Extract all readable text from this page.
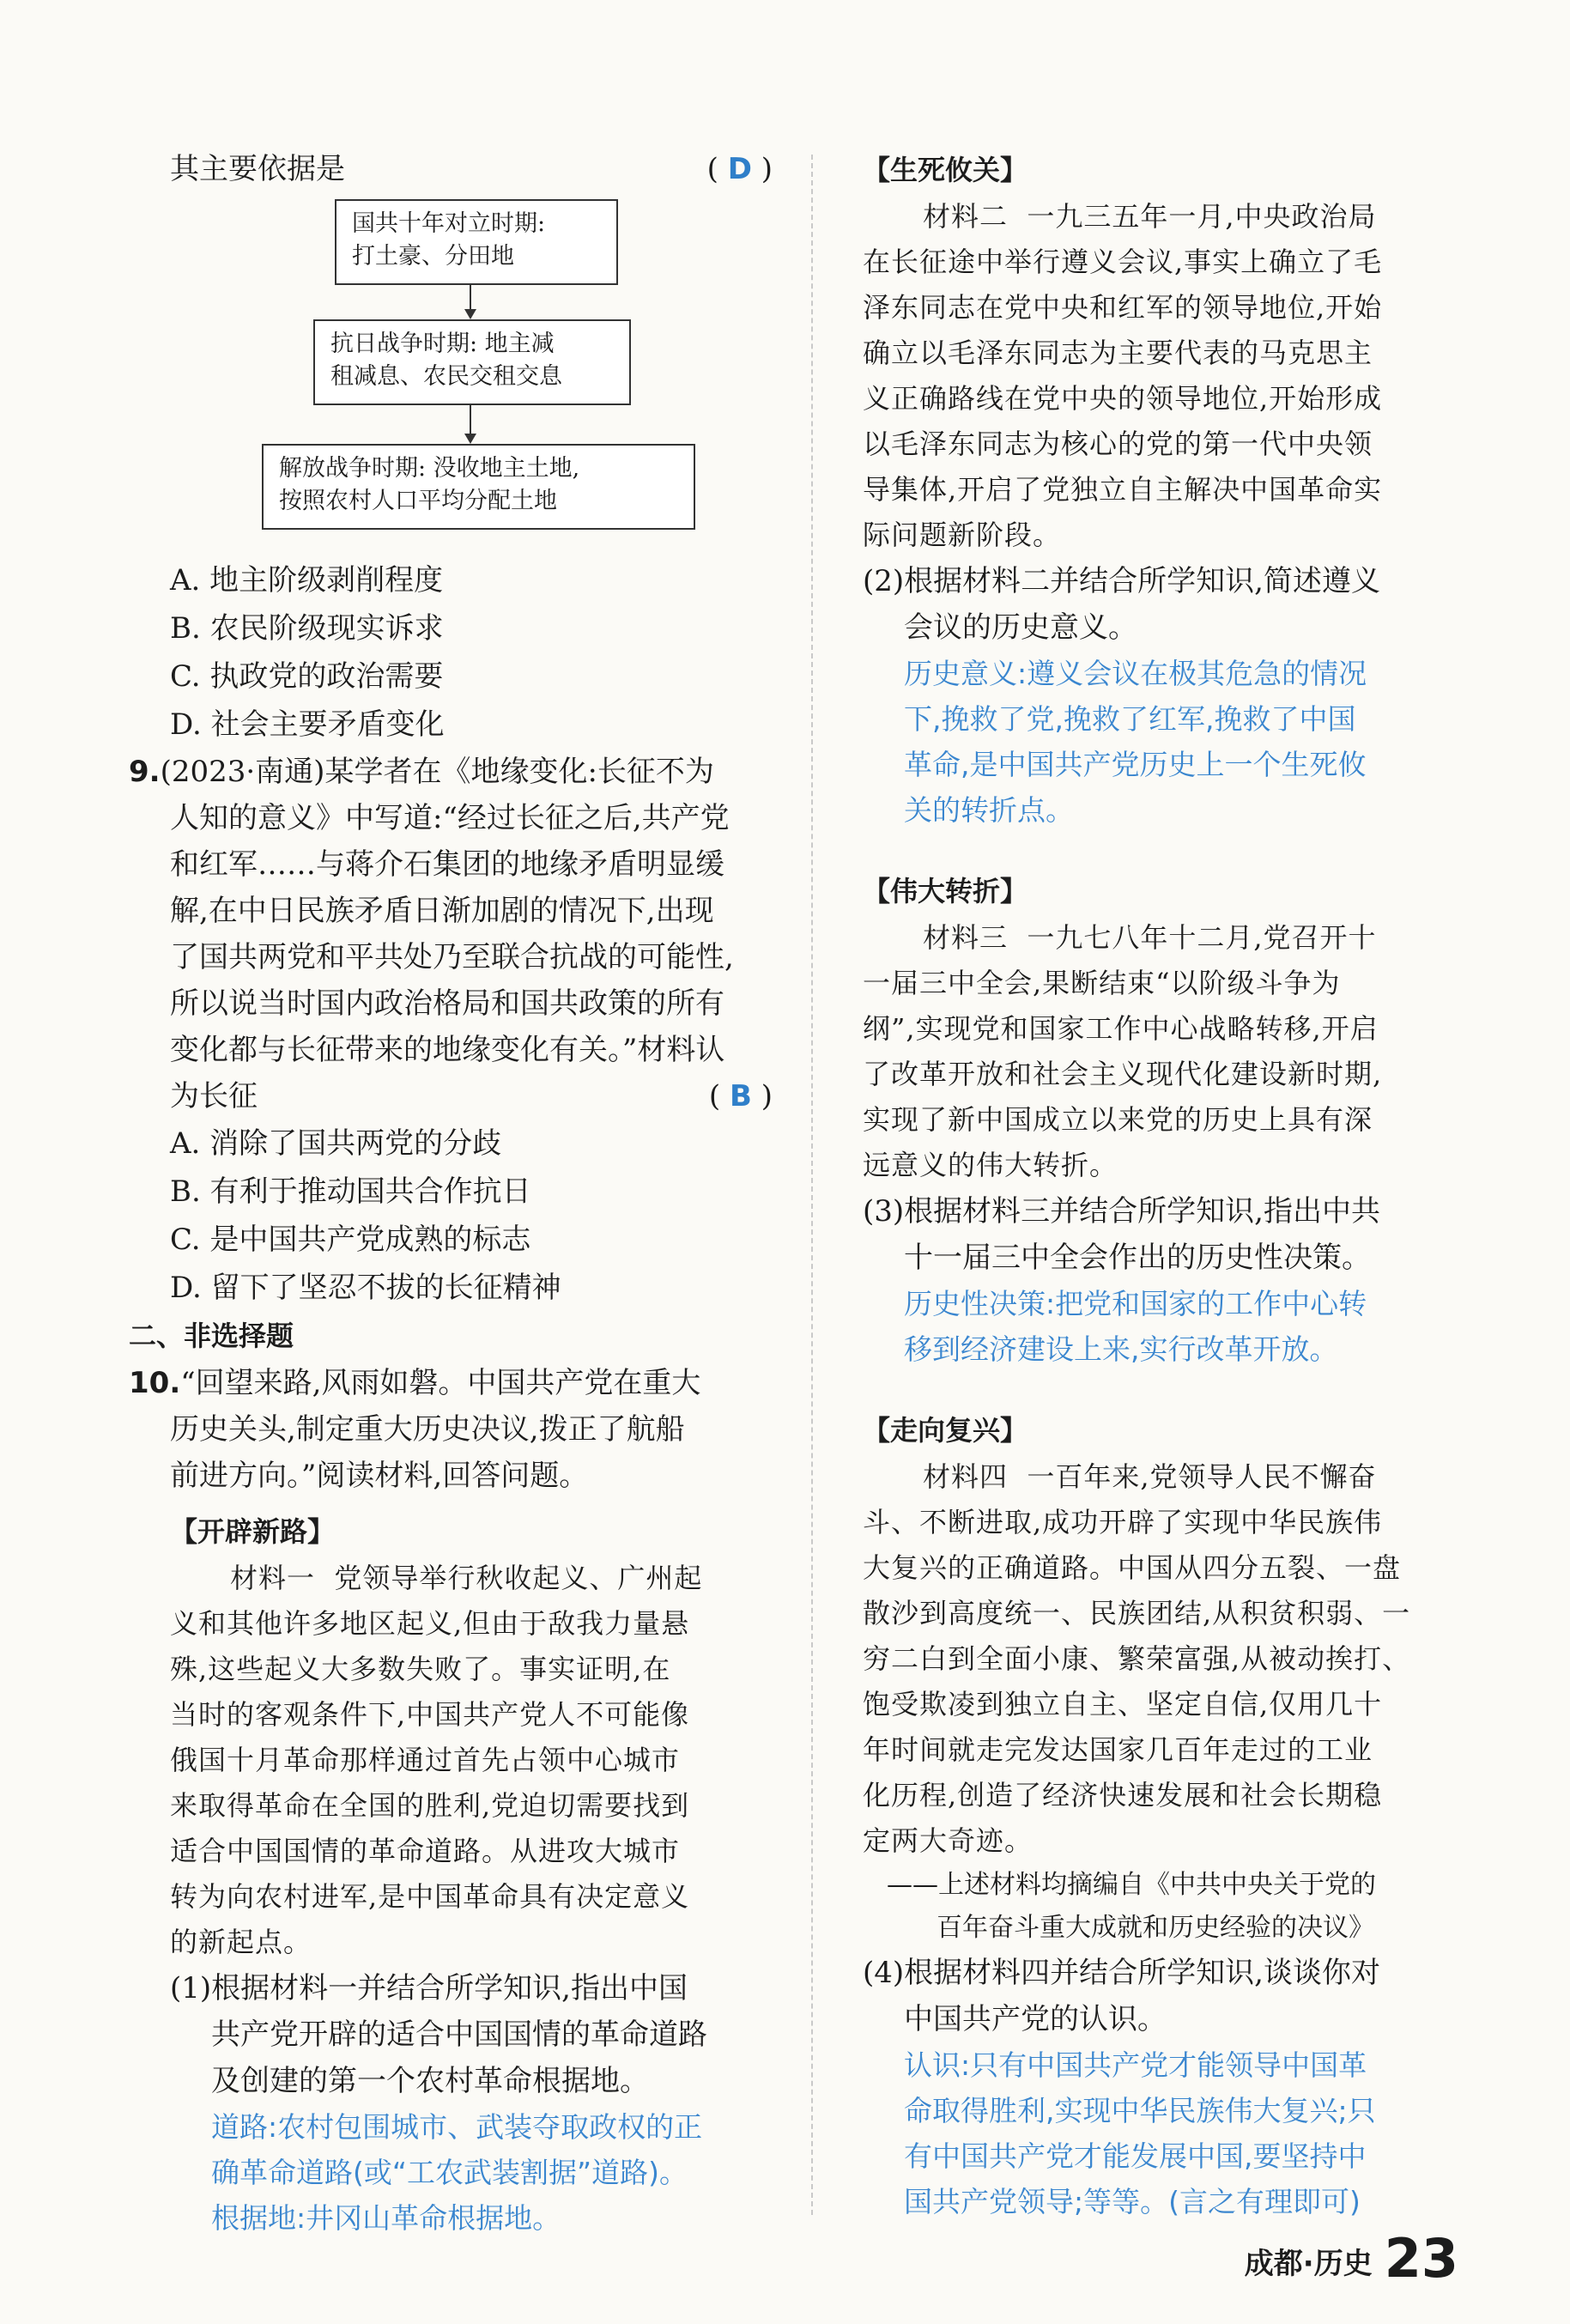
其主要依据是	( D )
国共十年对立时期:
打土豪、分田地
抗日战争时期: 地主减
租减息、农民交租交息
解放战争时期: 没收地主土地,
按照农村人口平均分配土地
A. 地主阶级剥削程度
B. 农民阶级现实诉求
C. 执政党的政治需要
D. 社会主要矛盾变化
9.(2023·南通)某学者在《地缘变化:长征不为
人知的意义》中写道:“经过长征之后,共产党
和红军……与蒋介石集团的地缘矛盾明显缓
解,在中日民族矛盾日渐加剧的情况下,出现
了国共两党和平共处乃至联合抗战的可能性,
所以说当时国内政治格局和国共政策的所有
变化都与长征带来的地缘变化有关。”材料认
为长征	( B )
A. 消除了国共两党的分歧
B. 有利于推动国共合作抗日
C. 是中国共产党成熟的标志
D. 留下了坚忍不拔的长征精神
二、非选择题
10.“回望来路,风雨如磐。中国共产党在重大
历史关头,制定重大历史决议,拨正了航船
前进方向。”阅读材料,回答问题。
【开辟新路】
材料一 党领导举行秋收起义、广州起
义和其他许多地区起义,但由于敌我力量悬
殊,这些起义大多数失败了。事实证明,在
当时的客观条件下,中国共产党人不可能像
俄国十月革命那样通过首先占领中心城市
来取得革命在全国的胜利,党迫切需要找到
适合中国国情的革命道路。从进攻大城市
转为向农村进军,是中国革命具有决定意义
的新起点。
(1)根据材料一并结合所学知识,指出中国
共产党开辟的适合中国国情的革命道路
及创建的第一个农村革命根据地。
道路:农村包围城市、武装夺取政权的正
确革命道路(或“工农武装割据”道路)。
根据地:井冈山革命根据地。
【生死攸关】
材料二 一九三五年一月,中央政治局
在长征途中举行遵义会议,事实上确立了毛
泽东同志在党中央和红军的领导地位,开始
确立以毛泽东同志为主要代表的马克思主
义正确路线在党中央的领导地位,开始形成
以毛泽东同志为核心的党的第一代中央领
导集体,开启了党独立自主解决中国革命实
际问题新阶段。
(2)根据材料二并结合所学知识,简述遵义
会议的历史意义。
历史意义:遵义会议在极其危急的情况
下,挽救了党,挽救了红军,挽救了中国
革命,是中国共产党历史上一个生死攸
关的转折点。
【伟大转折】
材料三 一九七八年十二月,党召开十
一届三中全会,果断结束“以阶级斗争为
纲”,实现党和国家工作中心战略转移,开启
了改革开放和社会主义现代化建设新时期,
实现了新中国成立以来党的历史上具有深
远意义的伟大转折。
(3)根据材料三并结合所学知识,指出中共
十一届三中全会作出的历史性决策。
历史性决策:把党和国家的工作中心转
移到经济建设上来,实行改革开放。
【走向复兴】
材料四 一百年来,党领导人民不懈奋
斗、不断进取,成功开辟了实现中华民族伟
大复兴的正确道路。中国从四分五裂、一盘
散沙到高度统一、民族团结,从积贫积弱、一
穷二白到全面小康、繁荣富强,从被动挨打、
饱受欺凌到独立自主、坚定自信,仅用几十
年时间就走完发达国家几百年走过的工业
化历程,创造了经济快速发展和社会长期稳
定两大奇迹。
——上述材料均摘编自《中共中央关于党的
百年奋斗重大成就和历史经验的决议》
(4)根据材料四并结合所学知识,谈谈你对
中国共产党的认识。
认识:只有中国共产党才能领导中国革
命取得胜利,实现中华民族伟大复兴;只
有中国共产党才能发展中国,要坚持中
国共产党领导;等等。(言之有理即可)
成都·历史 23
